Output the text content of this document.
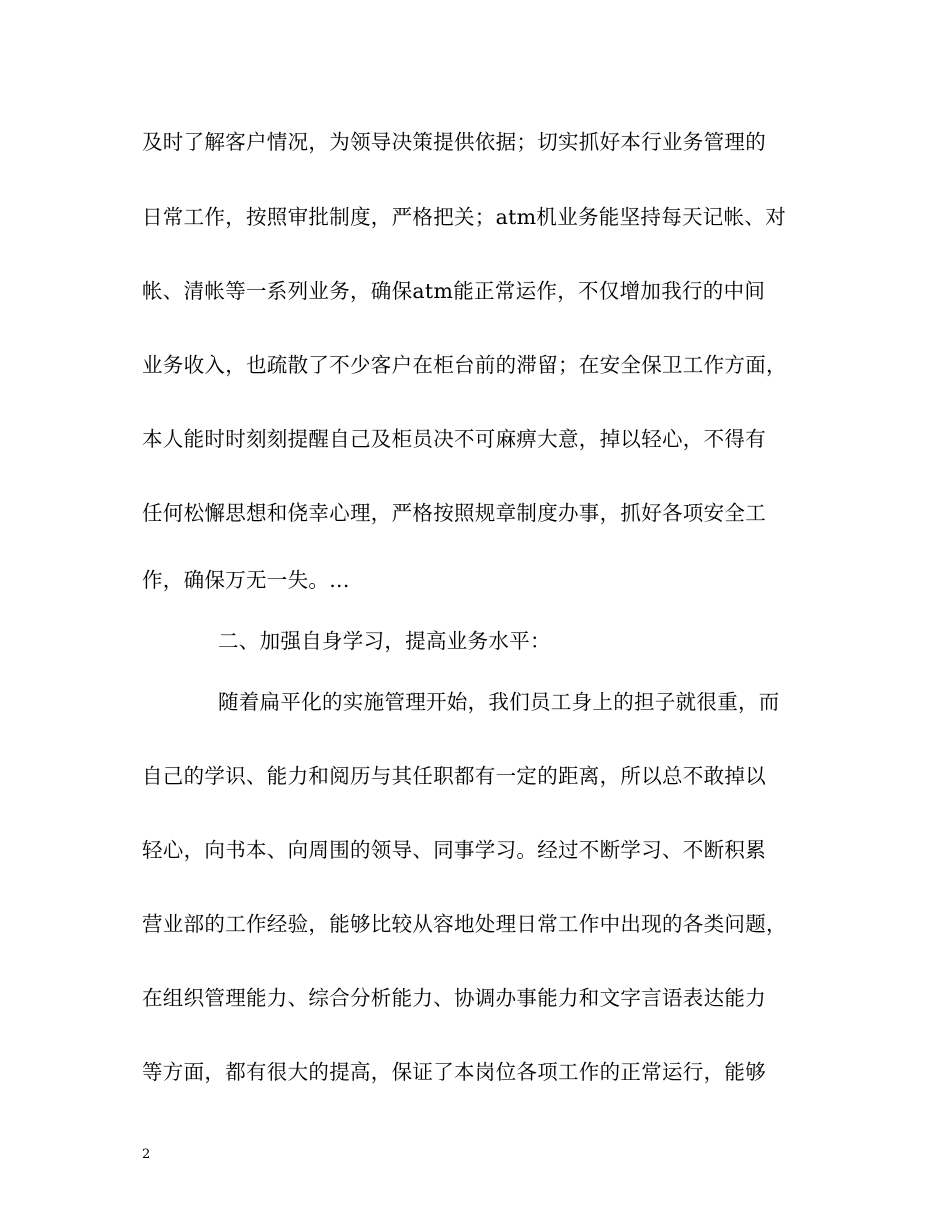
及时了解客户情况，为领导决策提供依据；切实抓好本行业务管理的
日常工作，按照审批制度，严格把关；atm机业务能坚持每天记帐、对
帐、清帐等一系列业务，确保atm能正常运作，不仅增加我行的中间
业务收入，也疏散了不少客户在柜台前的滞留；在安全保卫工作方面，
本人能时时刻刻提醒自己及柜员决不可麻痹大意，掉以轻心，不得有
任何松懈思想和侥幸心理，严格按照规章制度办事，抓好各项安全工
作，确保万无一失。...
二、加强自身学习，提高业务水平：
随着扁平化的实施管理开始，我们员工身上的担子就很重，而
自己的学识、能力和阅历与其任职都有一定的距离，所以总不敢掉以
轻心，向书本、向周围的领导、同事学习。经过不断学习、不断积累
营业部的工作经验，能够比较从容地处理日常工作中出现的各类问题，
在组织管理能力、综合分析能力、协调办事能力和文字言语表达能力
等方面，都有很大的提高，保证了本岗位各项工作的正常运行，能够
2
